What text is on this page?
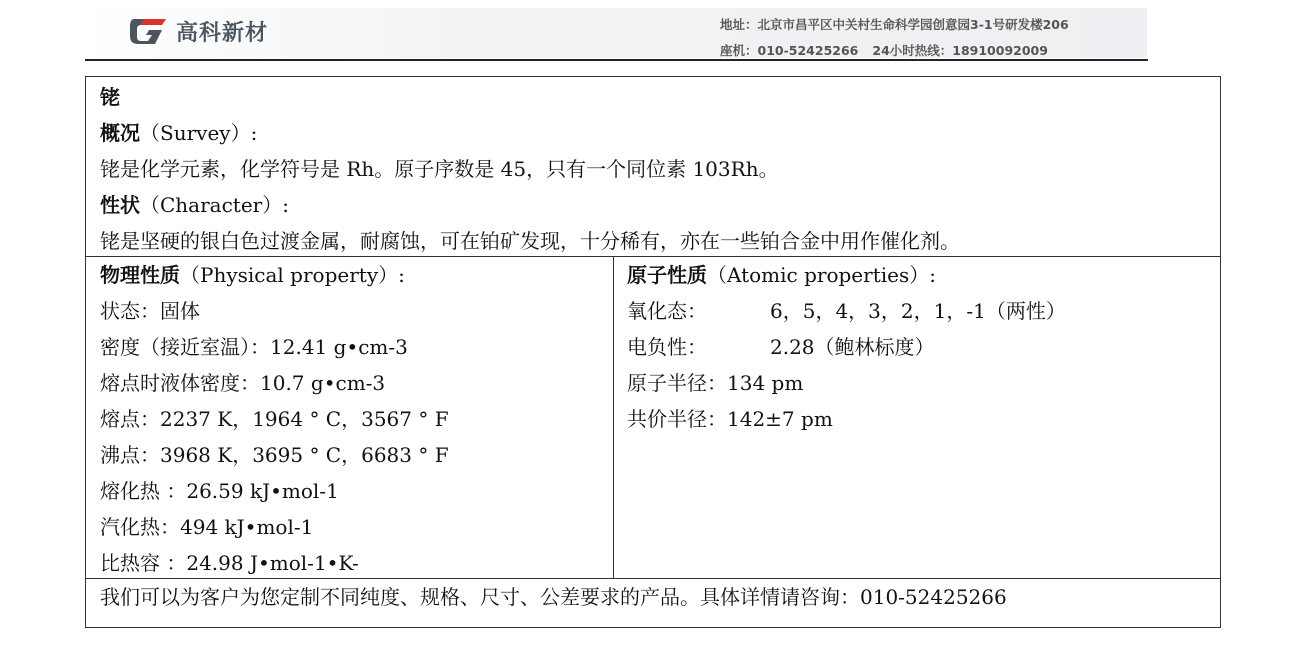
高科新材	地址：北京市昌平区中关村生命科学园创意园3-1号研发楼206
座机：010-52425266 24小时热线：18910092009
铑
概况（Survey）:
铑是化学元素，化学符号是 Rh。原子序数是 45，只有一个同位素 103Rh。
性状（Character）:
铑是坚硬的银白色过渡金属，耐腐蚀，可在铂矿发现，十分稀有，亦在一些铂合金中用作催化剂。
物理性质（Physical property）:
状态：固体
密度（接近室温）：12.41 g•cm-3
熔点时液体密度：10.7 g•cm-3
熔点：2237 K，1964 ° C，3567 ° F
沸点：3968 K，3695 ° C，6683 ° F
熔化热 ：26.59 kJ•mol-1
汽化热：494 kJ•mol-1
比热容 ：24.98 J•mol-1•K-
原子性质（Atomic properties）:
氧化态：	6，5，4，3，2，1，-1（两性）
电负性：	2.28（鲍林标度）
原子半径：134 pm
共价半径：142±7 pm
我们可以为客户为您定制不同纯度、规格、尺寸、公差要求的产品。具体详情请咨询：010-52425266
